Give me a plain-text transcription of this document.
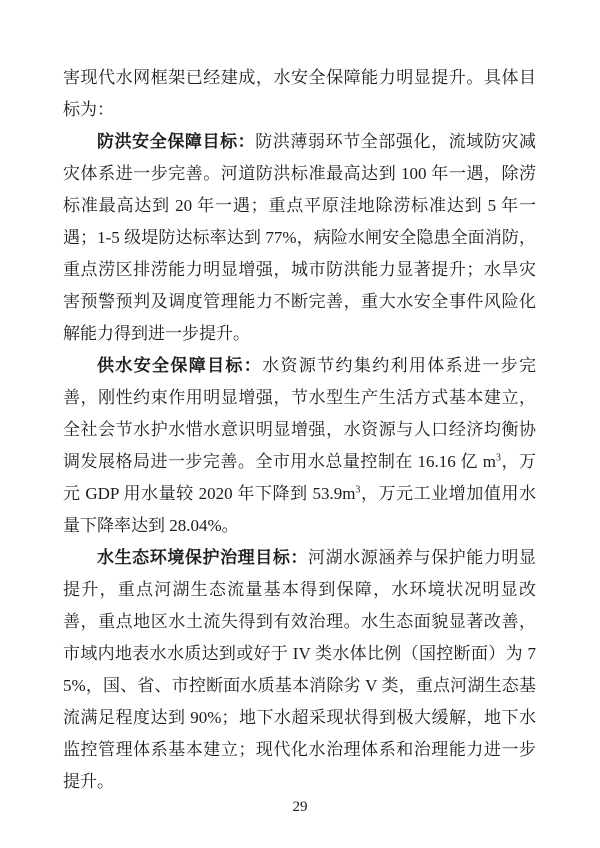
害现代水网框架已经建成，水安全保障能力明显提升。具体目标为：

防洪安全保障目标：防洪薄弱环节全部强化，流域防灾减灾体系进一步完善。河道防洪标准最高达到 100 年一遇，除涝标准最高达到 20 年一遇；重点平原洼地除涝标准达到 5 年一遇；1-5 级堤防达标率达到 77%，病险水闸安全隐患全面消防，重点涝区排涝能力明显增强，城市防洪能力显著提升；水旱灾害预警预判及调度管理能力不断完善，重大水安全事件风险化解能力得到进一步提升。

供水安全保障目标：水资源节约集约利用体系进一步完善，刚性约束作用明显增强，节水型生产生活方式基本建立，全社会节水护水惜水意识明显增强，水资源与人口经济均衡协调发展格局进一步完善。全市用水总量控制在 16.16 亿 $m^3$，万元 GDP 用水量较 2020 年下降到 $53.9m^3$，万元工业增加值用水量下降率达到 28.04%。

水生态环境保护治理目标：河湖水源涵养与保护能力明显提升，重点河湖生态流量基本得到保障，水环境状况明显改善，重点地区水土流失得到有效治理。水生态面貌显著改善，市域内地表水水质达到或好于 IV 类水体比例（国控断面）为 75%，国、省、市控断面水质基本消除劣 V 类，重点河湖生态基流满足程度达到 90%；地下水超采现状得到极大缓解，地下水监控管理体系基本建立；现代化水治理体系和治理能力进一步提升。

29
